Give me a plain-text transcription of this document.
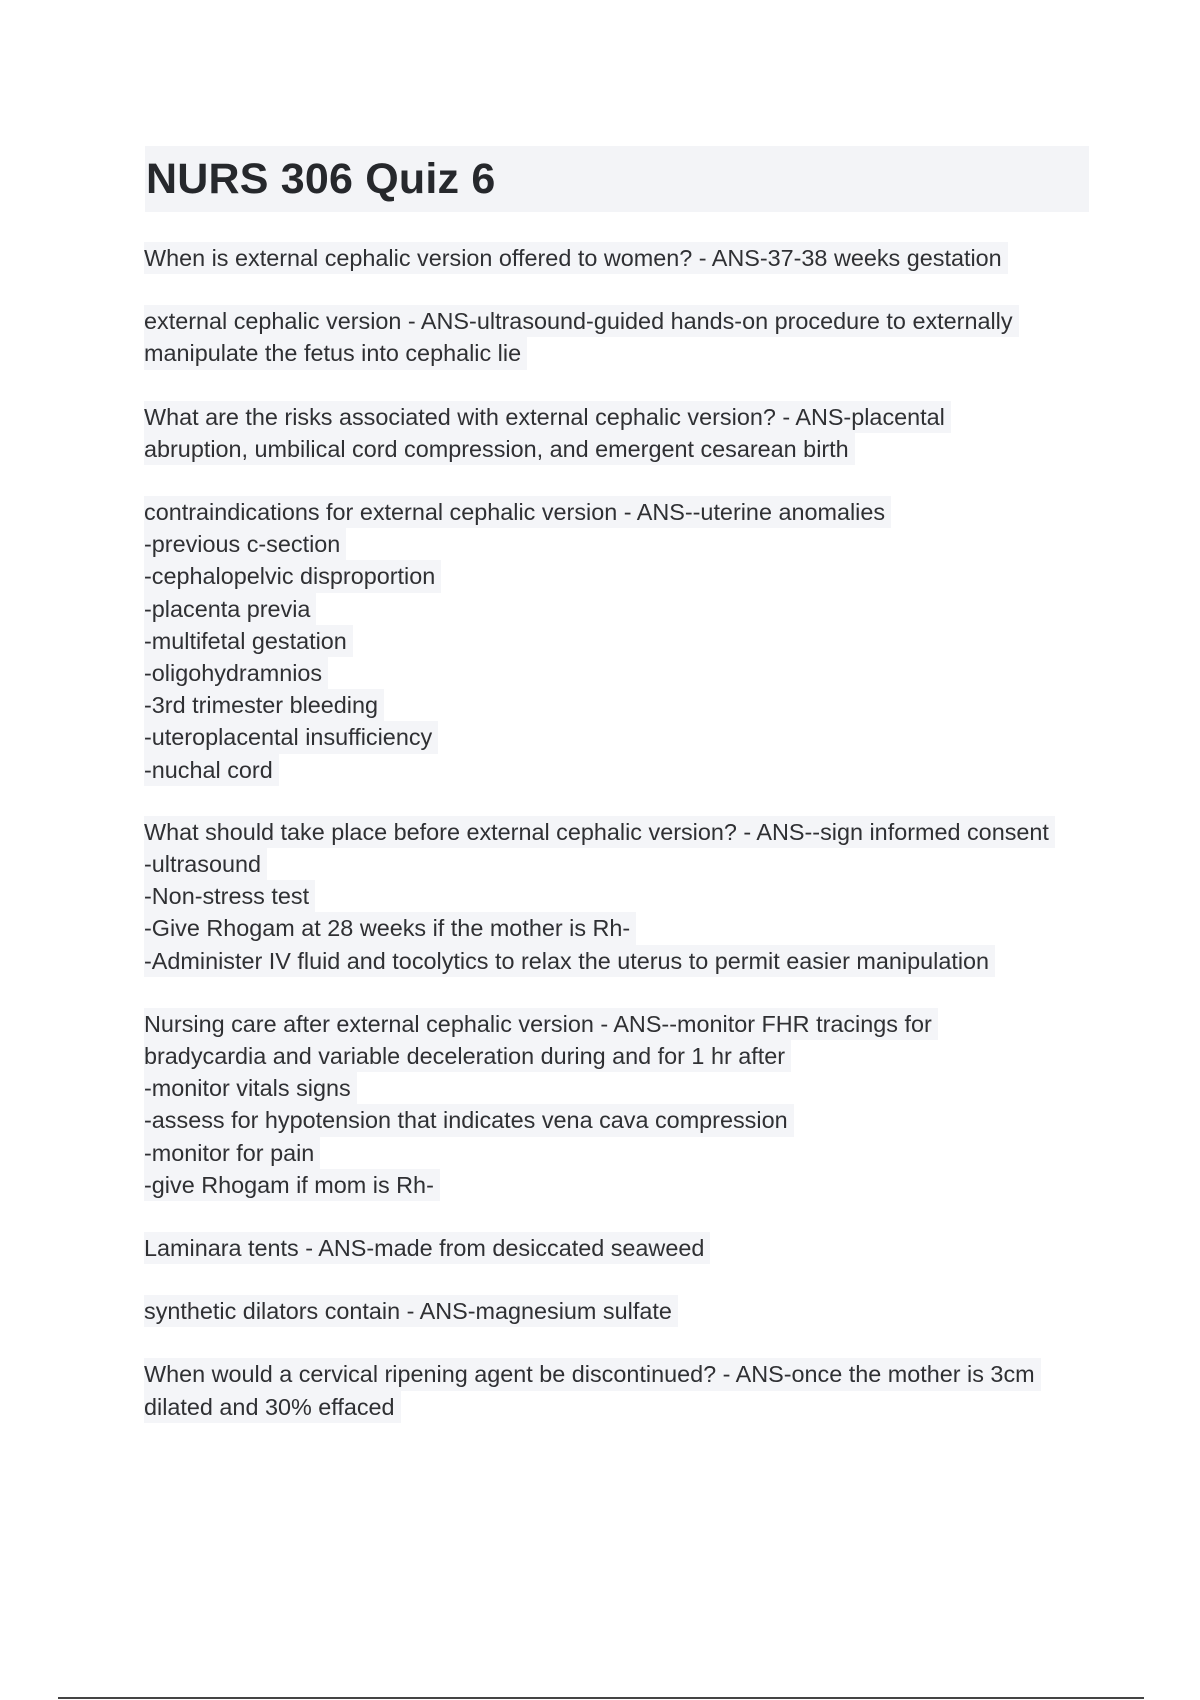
NURS 306 Quiz 6
When is external cephalic version offered to women? - ANS-37-38 weeks gestation
external cephalic version - ANS-ultrasound-guided hands-on procedure to externally
manipulate the fetus into cephalic lie
What are the risks associated with external cephalic version? - ANS-placental
abruption, umbilical cord compression, and emergent cesarean birth
contraindications for external cephalic version - ANS--uterine anomalies
-previous c-section
-cephalopelvic disproportion
-placenta previa
-multifetal gestation
-oligohydramnios
-3rd trimester bleeding
-uteroplacental insufficiency
-nuchal cord
What should take place before external cephalic version? - ANS--sign informed consent
-ultrasound
-Non-stress test
-Give Rhogam at 28 weeks if the mother is Rh-
-Administer IV fluid and tocolytics to relax the uterus to permit easier manipulation
Nursing care after external cephalic version - ANS--monitor FHR tracings for
bradycardia and variable deceleration during and for 1 hr after
-monitor vitals signs
-assess for hypotension that indicates vena cava compression
-monitor for pain
-give Rhogam if mom is Rh-
Laminara tents - ANS-made from desiccated seaweed
synthetic dilators contain - ANS-magnesium sulfate
When would a cervical ripening agent be discontinued? - ANS-once the mother is 3cm
dilated and 30% effaced
